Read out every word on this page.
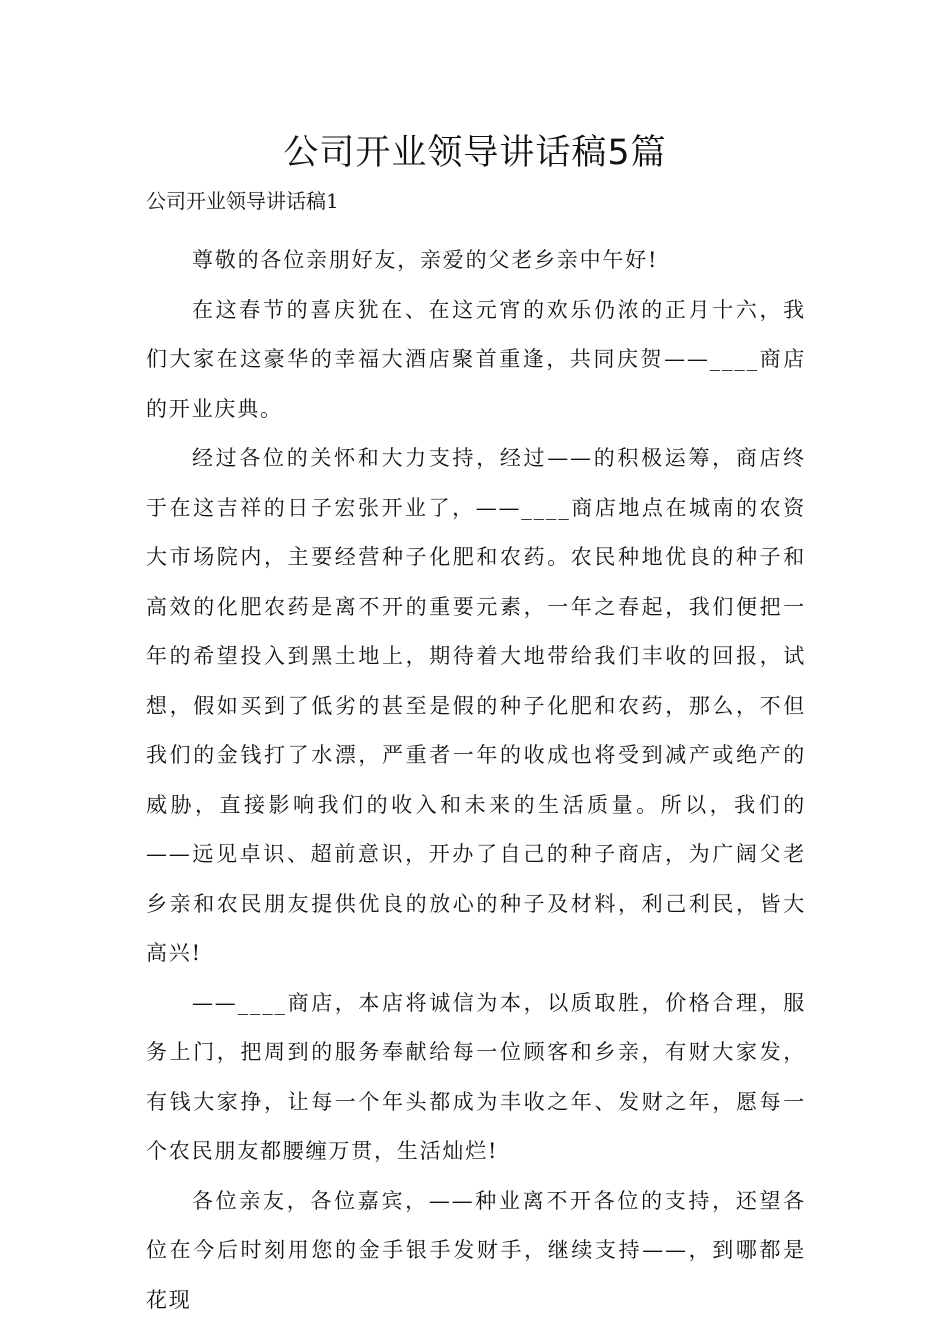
公司开业领导讲话稿5篇

公司开业领导讲话稿1

尊敬的各位亲朋好友，亲爱的父老乡亲中午好!

在这春节的喜庆犹在、在这元宵的欢乐仍浓的正月十六，我们大家在这豪华的幸福大酒店聚首重逢，共同庆贺——____商店的开业庆典。

经过各位的关怀和大力支持，经过——的积极运筹，商店终于在这吉祥的日子宏张开业了，——____商店地点在城南的农资大市场院内，主要经营种子化肥和农药。农民种地优良的种子和高效的化肥农药是离不开的重要元素，一年之春起，我们便把一年的希望投入到黑土地上，期待着大地带给我们丰收的回报，试想，假如买到了低劣的甚至是假的种子化肥和农药，那么，不但我们的金钱打了水漂，严重者一年的收成也将受到减产或绝产的威胁，直接影响我们的收入和未来的生活质量。所以，我们的——远见卓识、超前意识，开办了自己的种子商店，为广阔父老乡亲和农民朋友提供优良的放心的种子及材料，利己利民，皆大高兴!

——____商店，本店将诚信为本，以质取胜，价格合理，服务上门，把周到的服务奉献给每一位顾客和乡亲，有财大家发，有钱大家挣，让每一个年头都成为丰收之年、发财之年，愿每一个农民朋友都腰缠万贯，生活灿烂!

各位亲友，各位嘉宾，——种业离不开各位的支持，还望各位在今后时刻用您的金手银手发财手，继续支持——，到哪都是花现
